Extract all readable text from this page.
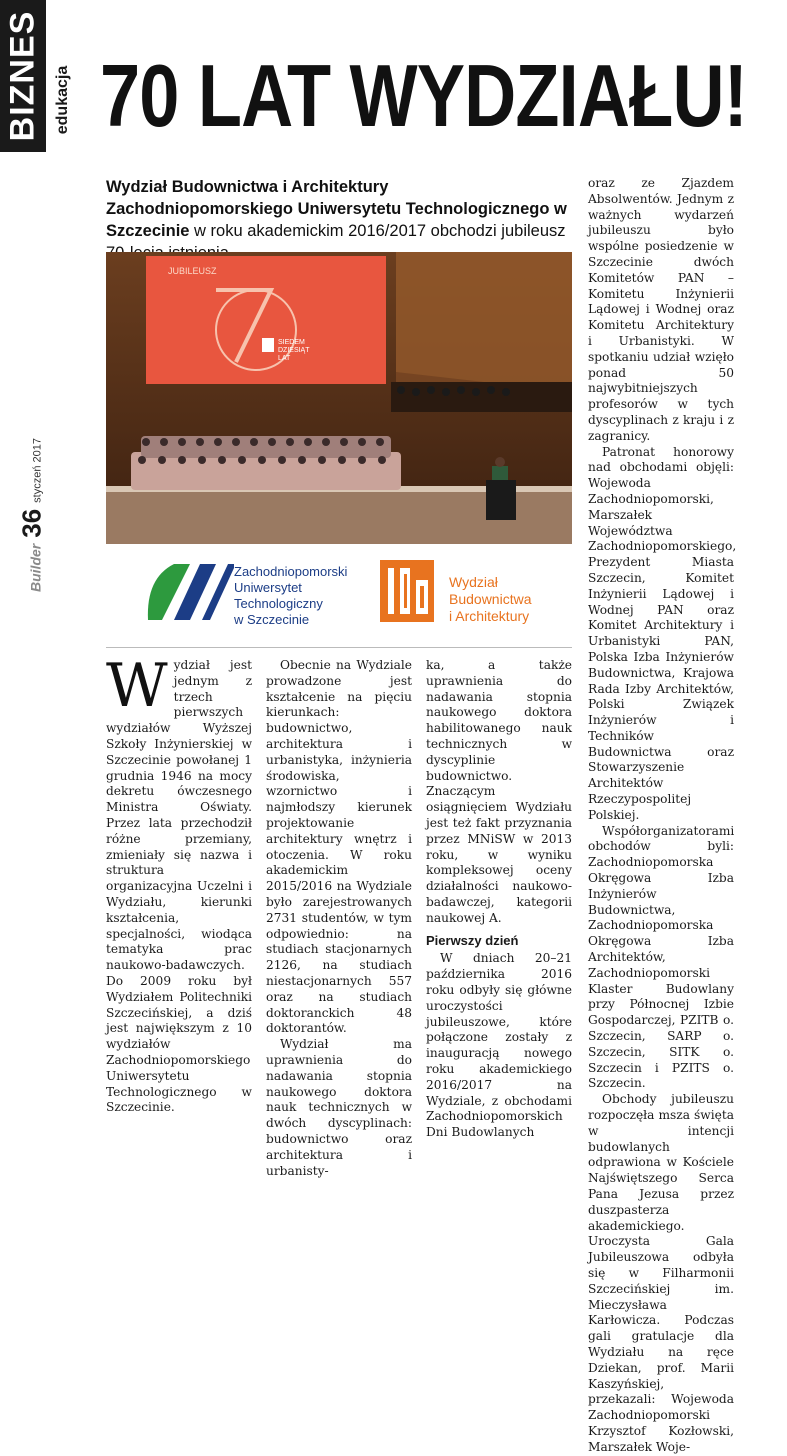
BIZNES edukacja
Builder
36
styczeń 2017
70 LAT WYDZIAŁU!
Wydział Budownictwa i Architektury Zachodniopomorskiego Uniwersytetu Technologicznego w Szczecinie w roku akademickim 2016/2017 obchodzi jubileusz
JUBILEUSZ
SIEDEM
DZIESIĄT
LAT
Zachodniopomorski
Uniwersytet
Technologiczny
w Szczecinie
Wydział
Budownictwa
i Architektury
W ydział jest jednym z trzech pierwszych wydziałów Wyższej Szkoły Inżynierskiej w Szczecinie powołanej 1 grudnia 1946 na mocy dekretu ówczesnego Ministra Oświaty. Przez lata przechodził różne przemiany, zmieniały się nazwa i struktura organizacyjna Uczelni i Wydziału, kierunki kształcenia, specjalności, wiodąca tematyka prac naukowo-badawczych. Do 2009 roku był Wydziałem Politechniki Szczecińskiej, a dziś jest największym z 10 wydziałów Zachodniopomorskiego Uniwersytetu Technologicznego w Szczecinie.

Obecnie na Wydziale prowadzone jest kształcenie na pięciu kierunkach: budownictwo, architektura i urbanistyka, inżynieria środowiska, wzornictwo i najmłodszy kierunek projektowanie architektury wnętrz i otoczenia. W roku akademickim 2015/2016 na Wydziale było zarejestrowanych 2731 studentów, w tym odpowiednio: na studiach stacjonarnych 2126, na studiach niestacjonarnych 557 oraz na studiach doktoranckich 48 doktorantów.

Wydział ma uprawnienia do nadawania stopnia naukowego doktora nauk technicznych w dwóch dyscyplinach: budownictwo oraz architektura i urbanisty-

ka, a także uprawnienia do nadawania stopnia naukowego doktora habilitowanego nauk technicznych w dyscyplinie budownictwo. Znaczącym osiągnięciem Wydziału jest też fakt przyznania przez MNiSW w 2013 roku, w wyniku kompleksowej oceny działalności naukowo-badawczej, kategorii naukowej A.

Pierwszy dzień

W dniach 20–21 października 2016 roku odbyły się główne uroczystości jubileuszowe, które połączone zostały z inauguracją nowego roku akademickiego 2016/2017 na Wydziale, z obchodami Zachodniopomorskich Dni Budowlanych

oraz ze Zjazdem Absolwentów. Jednym z ważnych wydarzeń jubileuszu było wspólne posiedzenie w Szczecinie dwóch Komitetów PAN – Komitetu Inżynierii Lądowej i Wodnej oraz Komitetu Architektury i Urbanistyki. W spotkaniu udział wzięło ponad 50 najwybitniejszych profesorów w tych dyscyplinach z kraju i z zagranicy.

Patronat honorowy nad obchodami objęli: Wojewoda Zachodniopomorski, Marszałek Województwa Zachodniopomorskiego, Prezydent Miasta Szczecin, Komitet Inżynierii Lądowej i Wodnej PAN oraz Komitet Architektury i Urbanistyki PAN, Polska Izba Inżynierów Budownictwa, Krajowa Rada Izby Architektów, Polski Związek Inżynierów i Techników Budownictwa oraz Stowarzyszenie Architektów Rzeczypospolitej Polskiej.

Współorganizatorami obchodów byli: Zachodniopomorska Okręgowa Izba Inżynierów Budownictwa, Zachodniopomorska Okręgowa Izba Architektów, Zachodniopomorski Klaster Budowlany przy Północnej Izbie Gospodarczej, PZITB o. Szczecin, SARP o. Szczecin, SITK o. Szczecin i PZITS o. Szczecin.

Obchody jubileuszu rozpoczęła msza święta w intencji budowlanych odprawiona w Kościele Najświętszego Serca Pana Jezusa przez duszpasterza akademickiego. Uroczysta Gala Jubileuszowa odbyła się w Filharmonii Szczecińskiej im. Mieczysława Karłowicza. Podczas gali gratulacje dla Wydziału na ręce Dziekan, prof. Marii Kaszyńskiej, przekazali: Wojewoda Zachodniopomorski Krzysztof Kozłowski, Marszałek Woje-
